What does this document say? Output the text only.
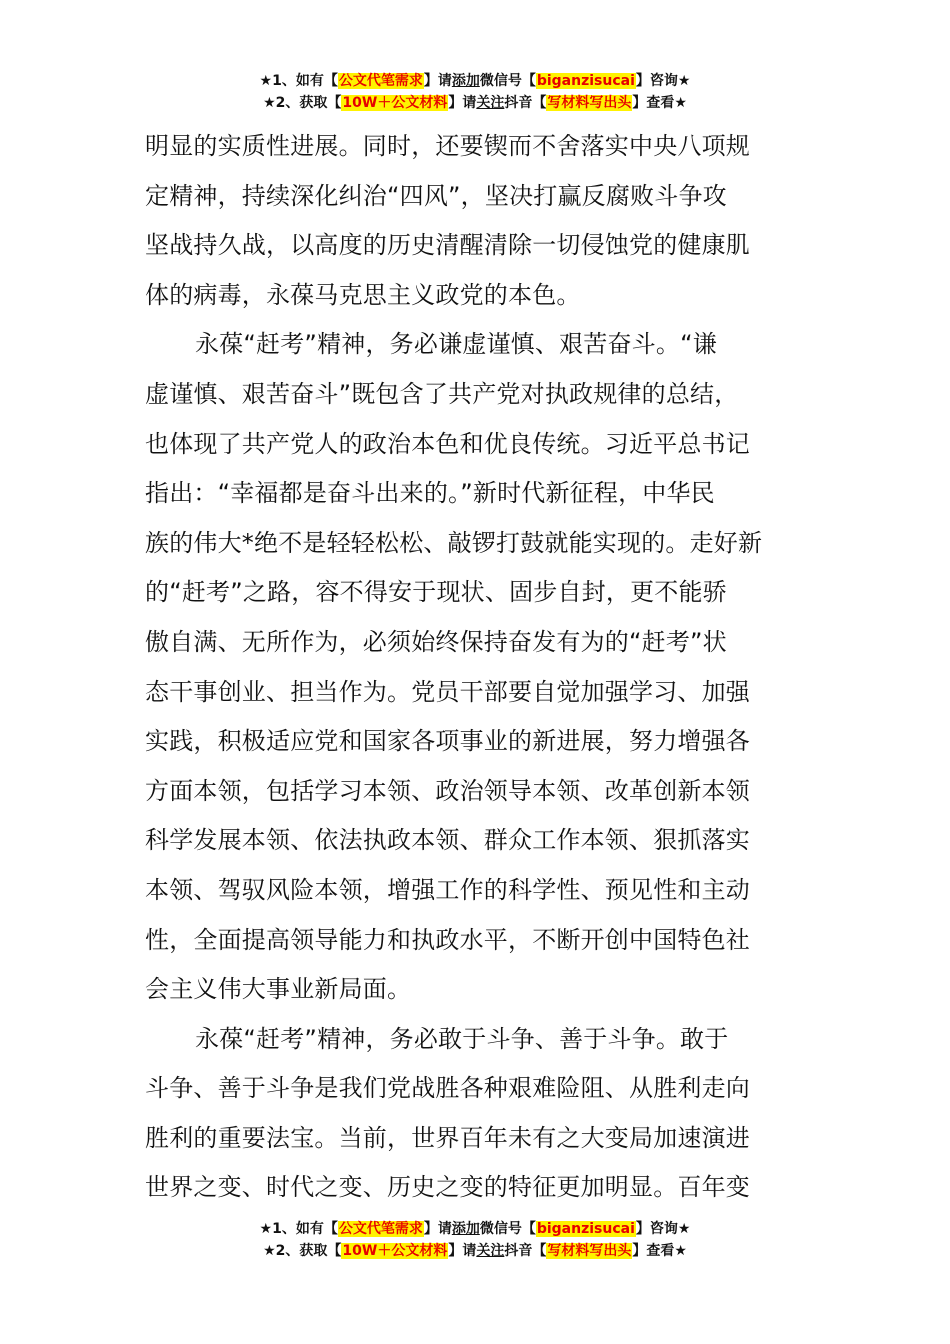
★1、如有【公文代笔需求】请添加微信号【biganzisucai】咨询★
★2、获取【10W＋公文材料】请关注抖音【写材料写出头】查看★
明显的实质性进展。同时，还要锲而不舍落实中央八项规
定精神，持续深化纠治“四风”，坚决打赢反腐败斗争攻
坚战持久战，以高度的历史清醒清除一切侵蚀党的健康肌
体的病毒，永葆马克思主义政党的本色。
永葆“赶考”精神，务必谦虚谨慎、艰苦奋斗。“谦
虚谨慎、艰苦奋斗”既包含了共产党对执政规律的总结，
也体现了共产党人的政治本色和优良传统。习近平总书记
指出：“幸福都是奋斗出来的。”新时代新征程，中华民
族的伟大*绝不是轻轻松松、敲锣打鼓就能实现的。走好新
的“赶考”之路，容不得安于现状、固步自封，更不能骄
傲自满、无所作为，必须始终保持奋发有为的“赶考”状
态干事创业、担当作为。党员干部要自觉加强学习、加强
实践，积极适应党和国家各项事业的新进展，努力增强各
方面本领，包括学习本领、政治领导本领、改革创新本领
科学发展本领、依法执政本领、群众工作本领、狠抓落实
本领、驾驭风险本领，增强工作的科学性、预见性和主动
性，全面提高领导能力和执政水平，不断开创中国特色社
会主义伟大事业新局面。
永葆“赶考”精神，务必敢于斗争、善于斗争。敢于
斗争、善于斗争是我们党战胜各种艰难险阻、从胜利走向
胜利的重要法宝。当前，世界百年未有之大变局加速演进
世界之变、时代之变、历史之变的特征更加明显。百年变
★1、如有【公文代笔需求】请添加微信号【biganzisucai】咨询★
★2、获取【10W＋公文材料】请关注抖音【写材料写出头】查看★
